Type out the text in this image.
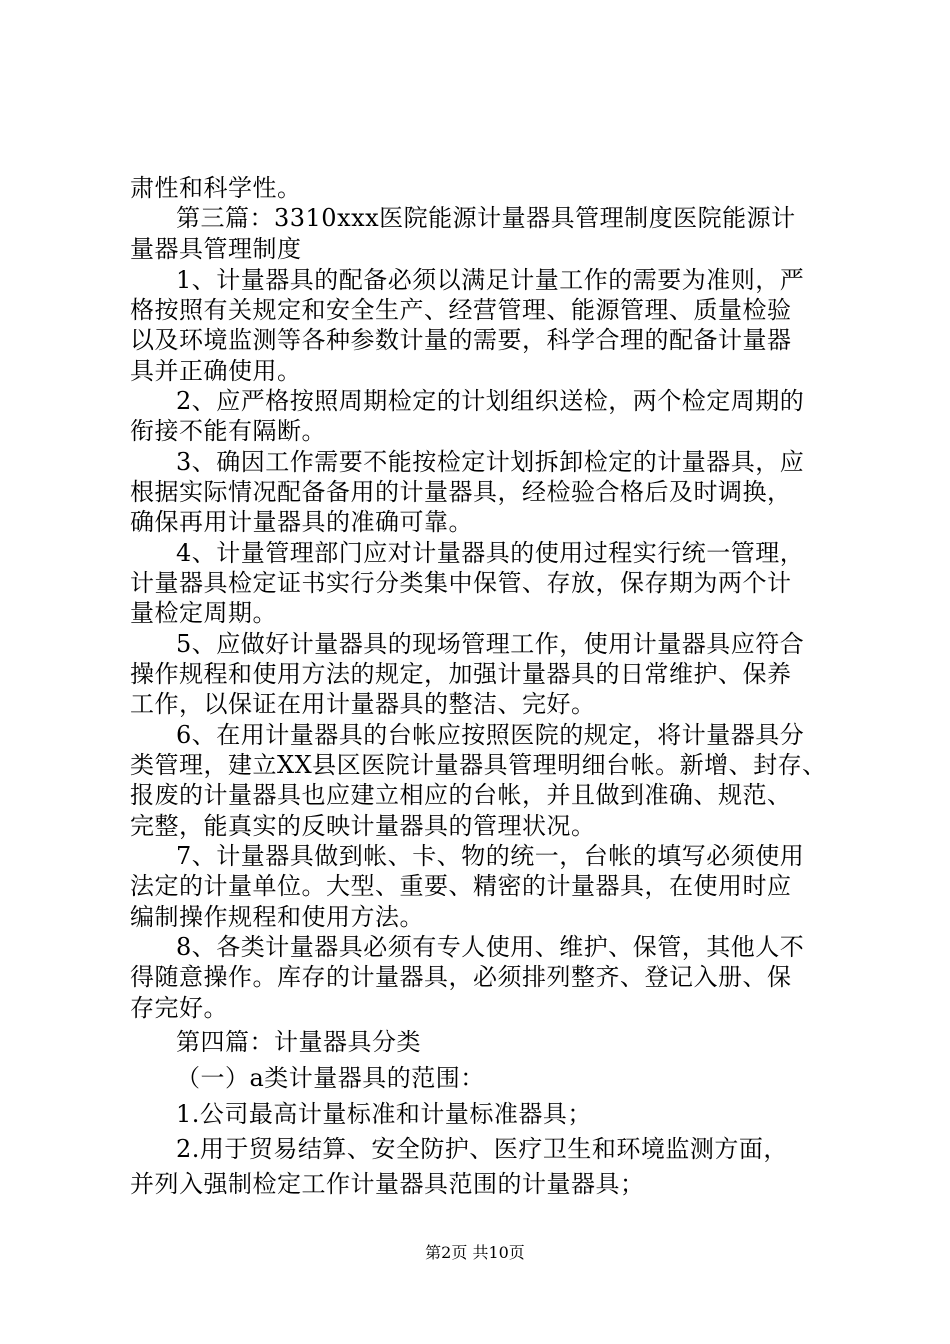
肃性和科学性。
第三篇：3310xxx医院能源计量器具管理制度医院能源计
量器具管理制度
1、计量器具的配备必须以满足计量工作的需要为准则，严
格按照有关规定和安全生产、经营管理、能源管理、质量检验
以及环境监测等各种参数计量的需要，科学合理的配备计量器
具并正确使用。
2、应严格按照周期检定的计划组织送检，两个检定周期的
衔接不能有隔断。
3、确因工作需要不能按检定计划拆卸检定的计量器具，应
根据实际情况配备备用的计量器具，经检验合格后及时调换，
确保再用计量器具的准确可靠。
4、计量管理部门应对计量器具的使用过程实行统一管理，
计量器具检定证书实行分类集中保管、存放，保存期为两个计
量检定周期。
5、应做好计量器具的现场管理工作，使用计量器具应符合
操作规程和使用方法的规定，加强计量器具的日常维护、保养
工作，以保证在用计量器具的整洁、完好。
6、在用计量器具的台帐应按照医院的规定，将计量器具分
类管理，建立XX县区医院计量器具管理明细台帐。新增、封存、
报废的计量器具也应建立相应的台帐，并且做到准确、规范、
完整，能真实的反映计量器具的管理状况。
7、计量器具做到帐、卡、物的统一，台帐的填写必须使用
法定的计量单位。大型、重要、精密的计量器具，在使用时应
编制操作规程和使用方法。
8、各类计量器具必须有专人使用、维护、保管，其他人不
得随意操作。库存的计量器具，必须排列整齐、登记入册、保
存完好。
第四篇：计量器具分类
（一）a类计量器具的范围：
1.公司最高计量标准和计量标准器具；
2.用于贸易结算、安全防护、医疗卫生和环境监测方面，
并列入强制检定工作计量器具范围的计量器具；
第2页 共10页
